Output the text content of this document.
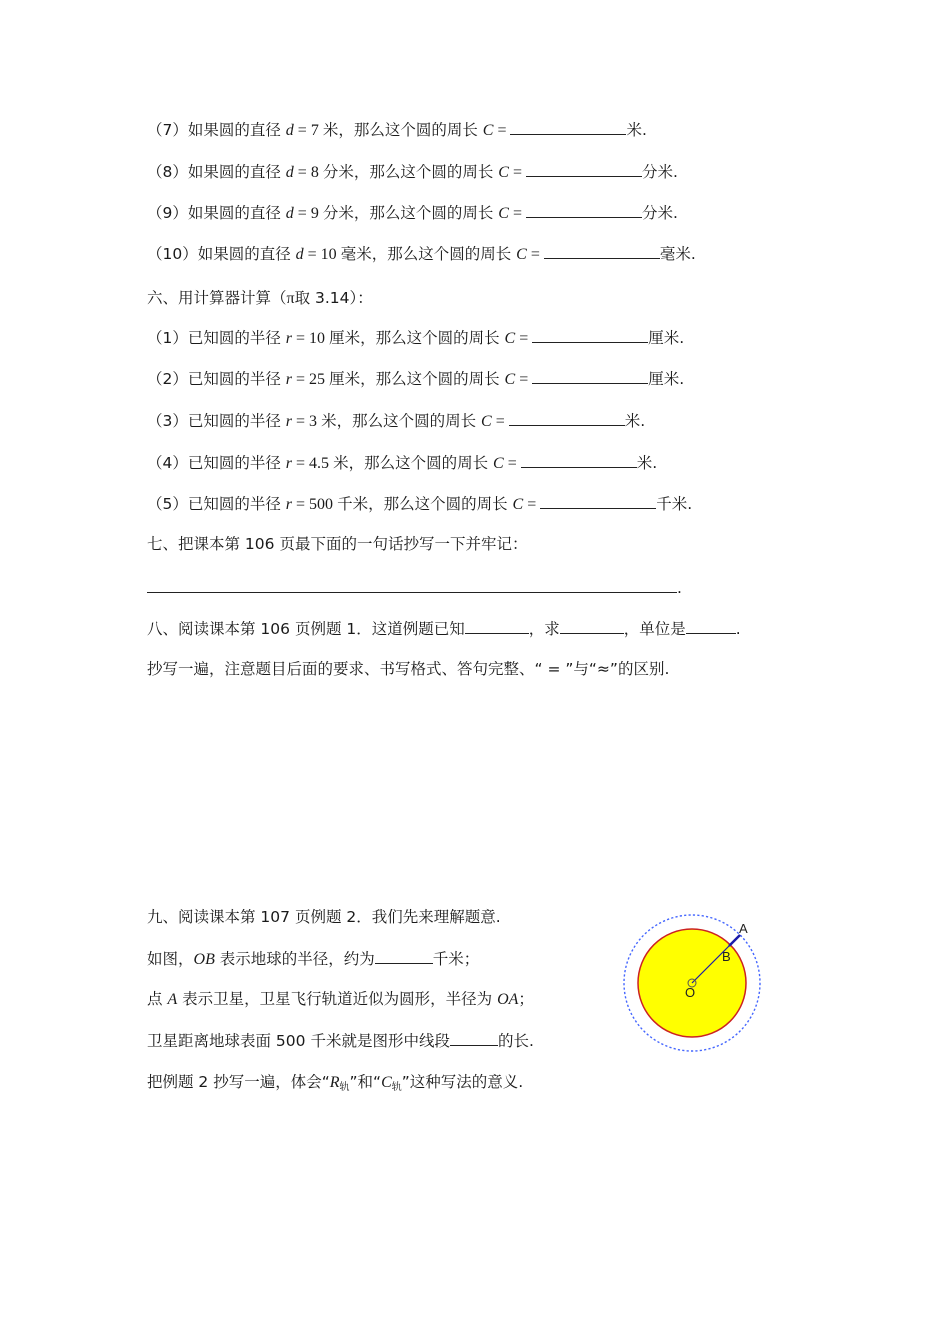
（7）如果圆的直径 d = 7 米，那么这个圆的周长 C =	米.
（8）如果圆的直径 d = 8 分米，那么这个圆的周长 C =	分米.
（9）如果圆的直径 d = 9 分米，那么这个圆的周长 C =	分米.
（10）如果圆的直径 d = 10 毫米，那么这个圆的周长 C =	毫米.
六、用计算器计算（π取 3.14）：
（1）已知圆的半径 r = 10 厘米，那么这个圆的周长 C =	厘米.
（2）已知圆的半径 r = 25 厘米，那么这个圆的周长 C =	厘米.
（3）已知圆的半径 r = 3 米，那么这个圆的周长 C =	米.
（4）已知圆的半径 r = 4.5 米，那么这个圆的周长 C =	米.
（5）已知圆的半径 r = 500 千米，那么这个圆的周长 C =	千米.
七、把课本第 106 页最下面的一句话抄写一下并牢记：
.
八、阅读课本第 106 页例题 1．这道例题已知	，求	，单位是	.
抄写一遍，注意题目后面的要求、书写格式、答句完整、“ = ”与“≈”的区别.
九、阅读课本第 107 页例题 2．我们先来理解题意.
如图，OB 表示地球的半径，约为	千米；
点 A 表示卫星，卫星飞行轨道近似为圆形，半径为 OA；
卫星距离地球表面 500 千米就是图形中线段	的长.
把例题 2 抄写一遍，体会“$R_轨$”和“$C_轨$”这种写法的意义.
A
B
O
